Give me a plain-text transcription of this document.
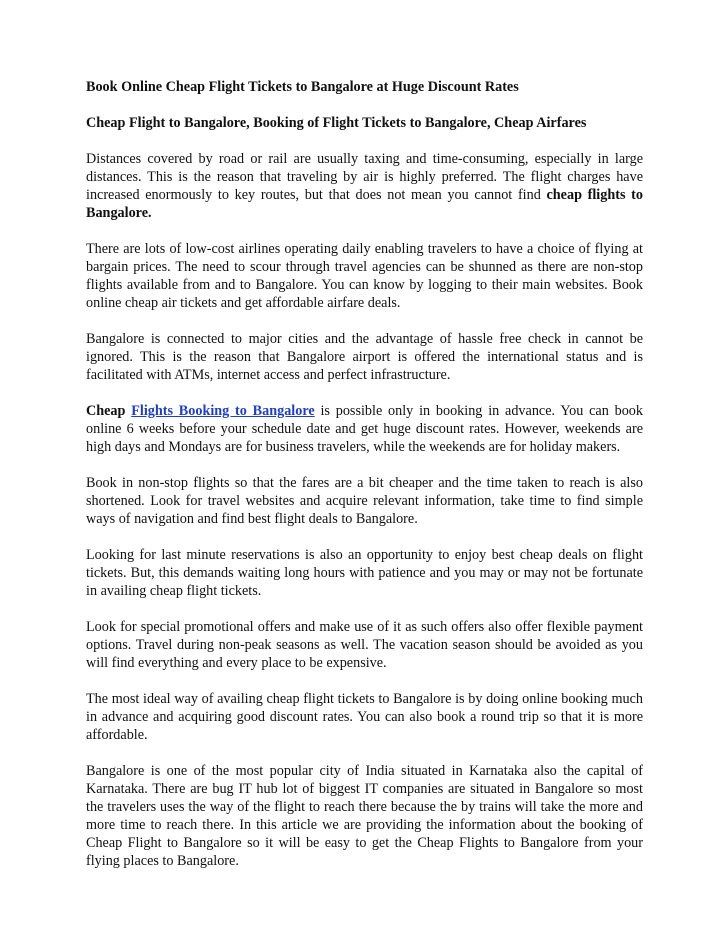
Book Online Cheap Flight Tickets to Bangalore at Huge Discount Rates

Cheap Flight to Bangalore, Booking of Flight Tickets to Bangalore, Cheap Airfares

Distances covered by road or rail are usually taxing and time-consuming, especially in large distances. This is the reason that traveling by air is highly preferred. The flight charges have increased enormously to key routes, but that does not mean you cannot find cheap flights to Bangalore.

There are lots of low-cost airlines operating daily enabling travelers to have a choice of flying at bargain prices. The need to scour through travel agencies can be shunned as there are non-stop flights available from and to Bangalore. You can know by logging to their main websites. Book online cheap air tickets and get affordable airfare deals.

Bangalore is connected to major cities and the advantage of hassle free check in cannot be ignored. This is the reason that Bangalore airport is offered the international status and is facilitated with ATMs, internet access and perfect infrastructure.

Cheap Flights Booking to Bangalore is possible only in booking in advance. You can book online 6 weeks before your schedule date and get huge discount rates. However, weekends are high days and Mondays are for business travelers, while the weekends are for holiday makers.

Book in non-stop flights so that the fares are a bit cheaper and the time taken to reach is also shortened. Look for travel websites and acquire relevant information, take time to find simple ways of navigation and find best flight deals to Bangalore.

Looking for last minute reservations is also an opportunity to enjoy best cheap deals on flight tickets. But, this demands waiting long hours with patience and you may or may not be fortunate in availing cheap flight tickets.

Look for special promotional offers and make use of it as such offers also offer flexible payment options. Travel during non-peak seasons as well. The vacation season should be avoided as you will find everything and every place to be expensive.

The most ideal way of availing cheap flight tickets to Bangalore is by doing online booking much in advance and acquiring good discount rates. You can also book a round trip so that it is more affordable.

Bangalore is one of the most popular city of India situated in Karnataka also the capital of Karnataka. There are bug IT hub lot of biggest IT companies are situated in Bangalore so most the travelers uses the way of the flight to reach there because the by trains will take the more and more time to reach there. In this article we are providing the information about the booking of Cheap Flight to Bangalore so it will be easy to get the Cheap Flights to Bangalore from your flying places to Bangalore.
